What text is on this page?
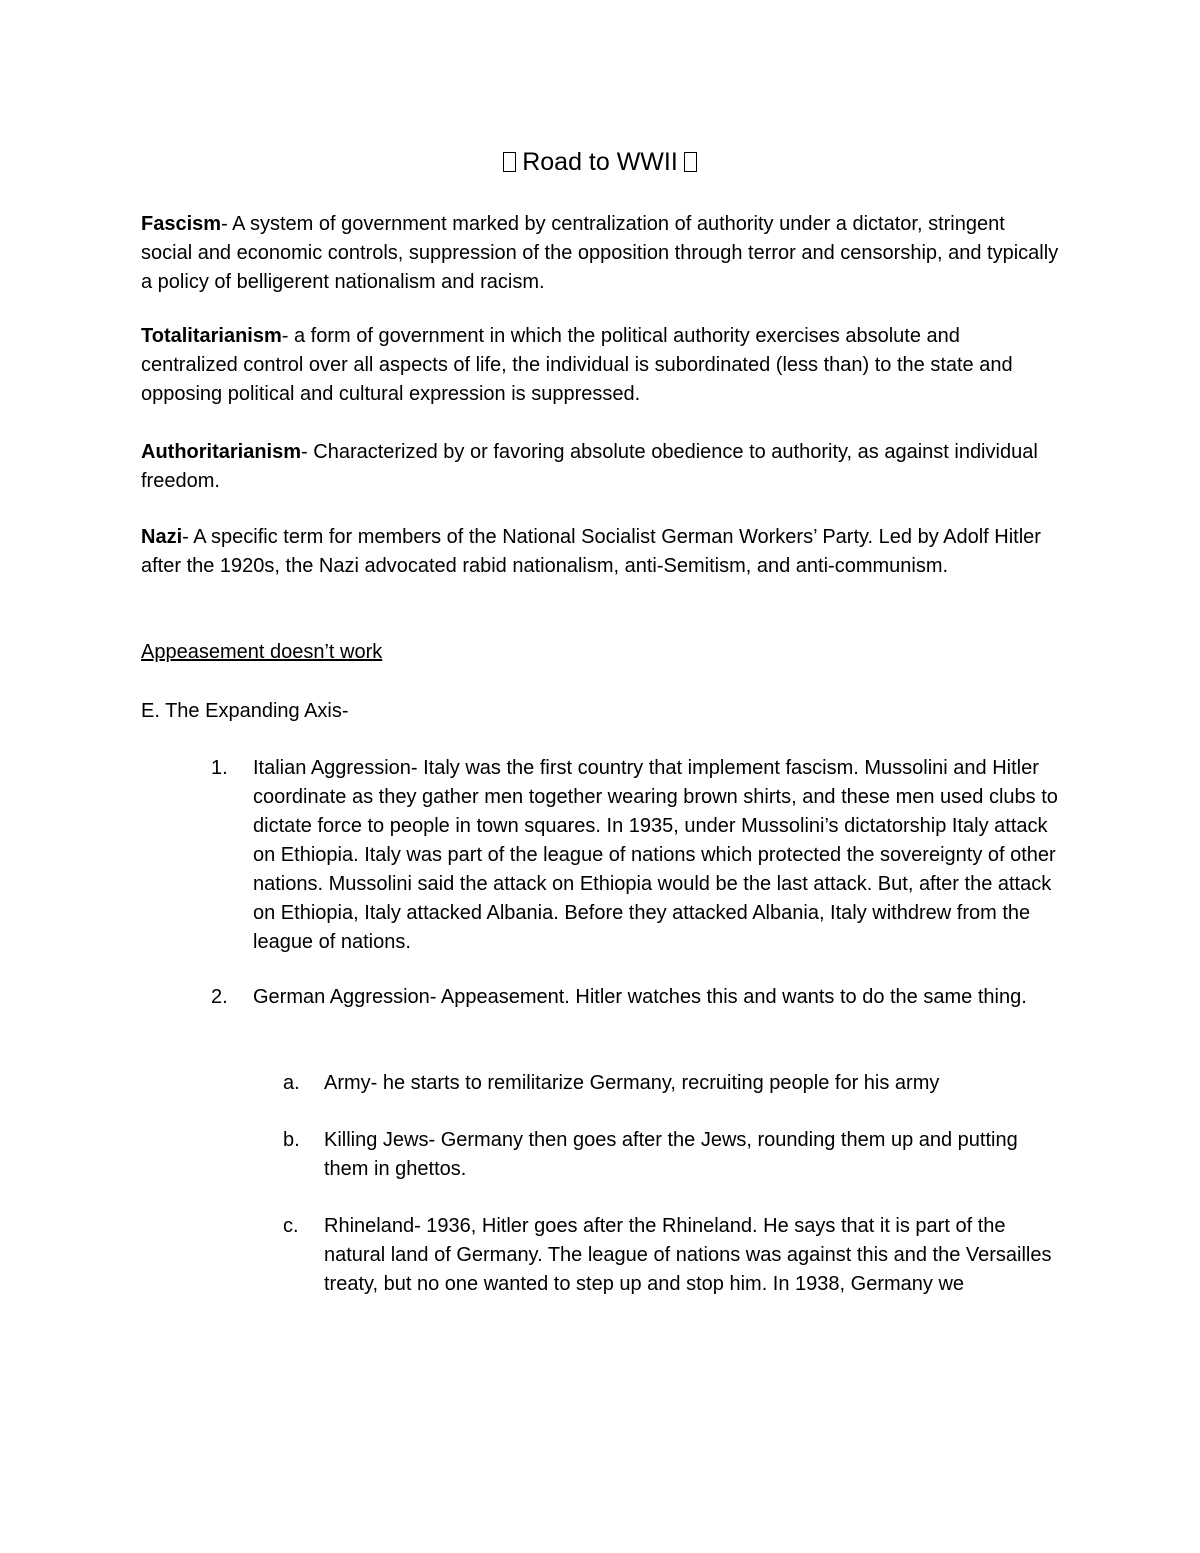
Road to WWII

Fascism- A system of government marked by centralization of authority under a dictator, stringent social and economic controls, suppression of the opposition through terror and censorship, and typically a policy of belligerent nationalism and racism.

Totalitarianism- a form of government in which the political authority exercises absolute and centralized control over all aspects of life, the individual is subordinated (less than) to the state and opposing political and cultural expression is suppressed.

Authoritarianism- Characterized by or favoring absolute obedience to authority, as against individual freedom.

Nazi- A specific term for members of the National Socialist German Workers’ Party. Led by Adolf Hitler after the 1920s, the Nazi advocated rabid nationalism, anti-Semitism, and anti-communism.

Appeasement doesn’t work
E. The Expanding Axis-
1. Italian Aggression- Italy was the first country that implement fascism. Mussolini and Hitler coordinate as they gather men together wearing brown shirts, and these men used clubs to dictate force to people in town squares. In 1935, under Mussolini’s dictatorship Italy attack on Ethiopia. Italy was part of the league of nations which protected the sovereignty of other nations. Mussolini said the attack on Ethiopia would be the last attack. But, after the attack on Ethiopia, Italy attacked Albania. Before they attacked Albania, Italy withdrew from the league of nations.
2. German Aggression- Appeasement. Hitler watches this and wants to do the same thing.
a. Army- he starts to remilitarize Germany, recruiting people for his army
b. Killing Jews- Germany then goes after the Jews, rounding them up and putting them in ghettos.
c. Rhineland- 1936, Hitler goes after the Rhineland. He says that it is part of the natural land of Germany. The league of nations was against this and the Versailles treaty, but no one wanted to step up and stop him. In 1938, Germany we
